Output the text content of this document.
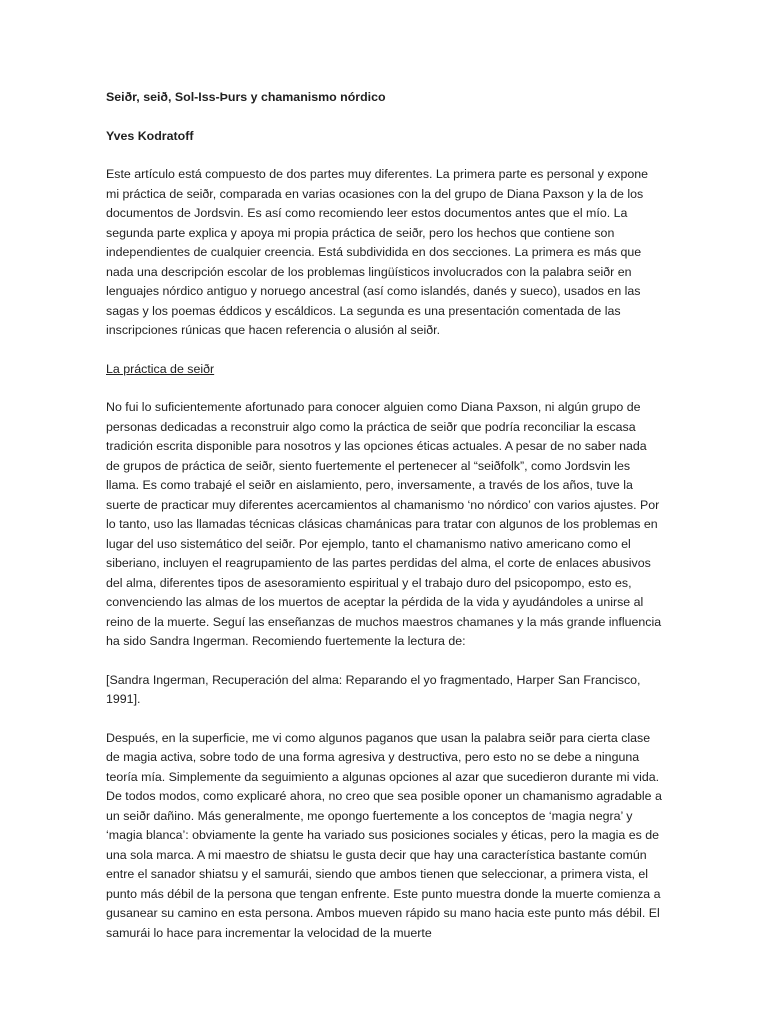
Seiðr, seið, Sol-Iss-Þurs y chamanismo nórdico
Yves Kodratoff

Este artículo está compuesto de dos partes muy diferentes. La primera parte es personal y expone mi práctica de seiðr, comparada en varias ocasiones con la del grupo de Diana Paxson y la de los documentos de Jordsvin. Es así como recomiendo leer estos documentos antes que el mío. La segunda parte explica y apoya mi propia práctica de seiðr, pero los hechos que contiene son independientes de cualquier creencia. Está subdividida en dos secciones. La primera es más que nada una descripción escolar de los problemas lingüísticos involucrados con la palabra seiðr en lenguajes nórdico antiguo y noruego ancestral (así como islandés, danés y sueco), usados en las sagas y los poemas éddicos y escáldicos. La segunda es una presentación comentada de las inscripciones rúnicas que hacen referencia o alusión al seiðr.

La práctica de seiðr

No fui lo suficientemente afortunado para conocer alguien como Diana Paxson, ni algún grupo de personas dedicadas a reconstruir algo como la práctica de seiðr que podría reconciliar la escasa tradición escrita disponible para nosotros y las opciones éticas actuales. A pesar de no saber nada de grupos de práctica de seiðr, siento fuertemente el pertenecer al “seiðfolk”, como Jordsvin les llama. Es como trabajé el seiðr en aislamiento, pero, inversamente, a través de los años, tuve la suerte de practicar muy diferentes acercamientos al chamanismo ‘no nórdico’ con varios ajustes. Por lo tanto, uso las llamadas técnicas clásicas chamánicas para tratar con algunos de los problemas en lugar del uso sistemático del seiðr. Por ejemplo, tanto el chamanismo nativo americano como el siberiano, incluyen el reagrupamiento de las partes perdidas del alma, el corte de enlaces abusivos del alma, diferentes tipos de asesoramiento espiritual y el trabajo duro del psicopompo, esto es, convenciendo las almas de los muertos de aceptar la pérdida de la vida y ayudándoles a unirse al reino de la muerte. Seguí las enseñanzas de muchos maestros chamanes y la más grande influencia ha sido Sandra Ingerman. Recomiendo fuertemente la lectura de:

[Sandra Ingerman, Recuperación del alma: Reparando el yo fragmentado, Harper San Francisco, 1991].

Después, en la superficie, me vi como algunos paganos que usan la palabra seiðr para cierta clase de magia activa, sobre todo de una forma agresiva y destructiva, pero esto no se debe a ninguna teoría mía. Simplemente da seguimiento a algunas opciones al azar que sucedieron durante mi vida. De todos modos, como explicaré ahora, no creo que sea posible oponer un chamanismo agradable a un seiðr dañino. Más generalmente, me opongo fuertemente a los conceptos de ‘magia negra’ y ‘magia blanca’: obviamente la gente ha variado sus posiciones sociales y éticas, pero la magia es de una sola marca. A mi maestro de shiatsu le gusta decir que hay una característica bastante común entre el sanador shiatsu y el samurái, siendo que ambos tienen que seleccionar, a primera vista, el punto más débil de la persona que tengan enfrente. Este punto muestra donde la muerte comienza a gusanear su camino en esta persona. Ambos mueven rápido su mano hacia este punto más débil. El samurái lo hace para incrementar la velocidad de la muerte
